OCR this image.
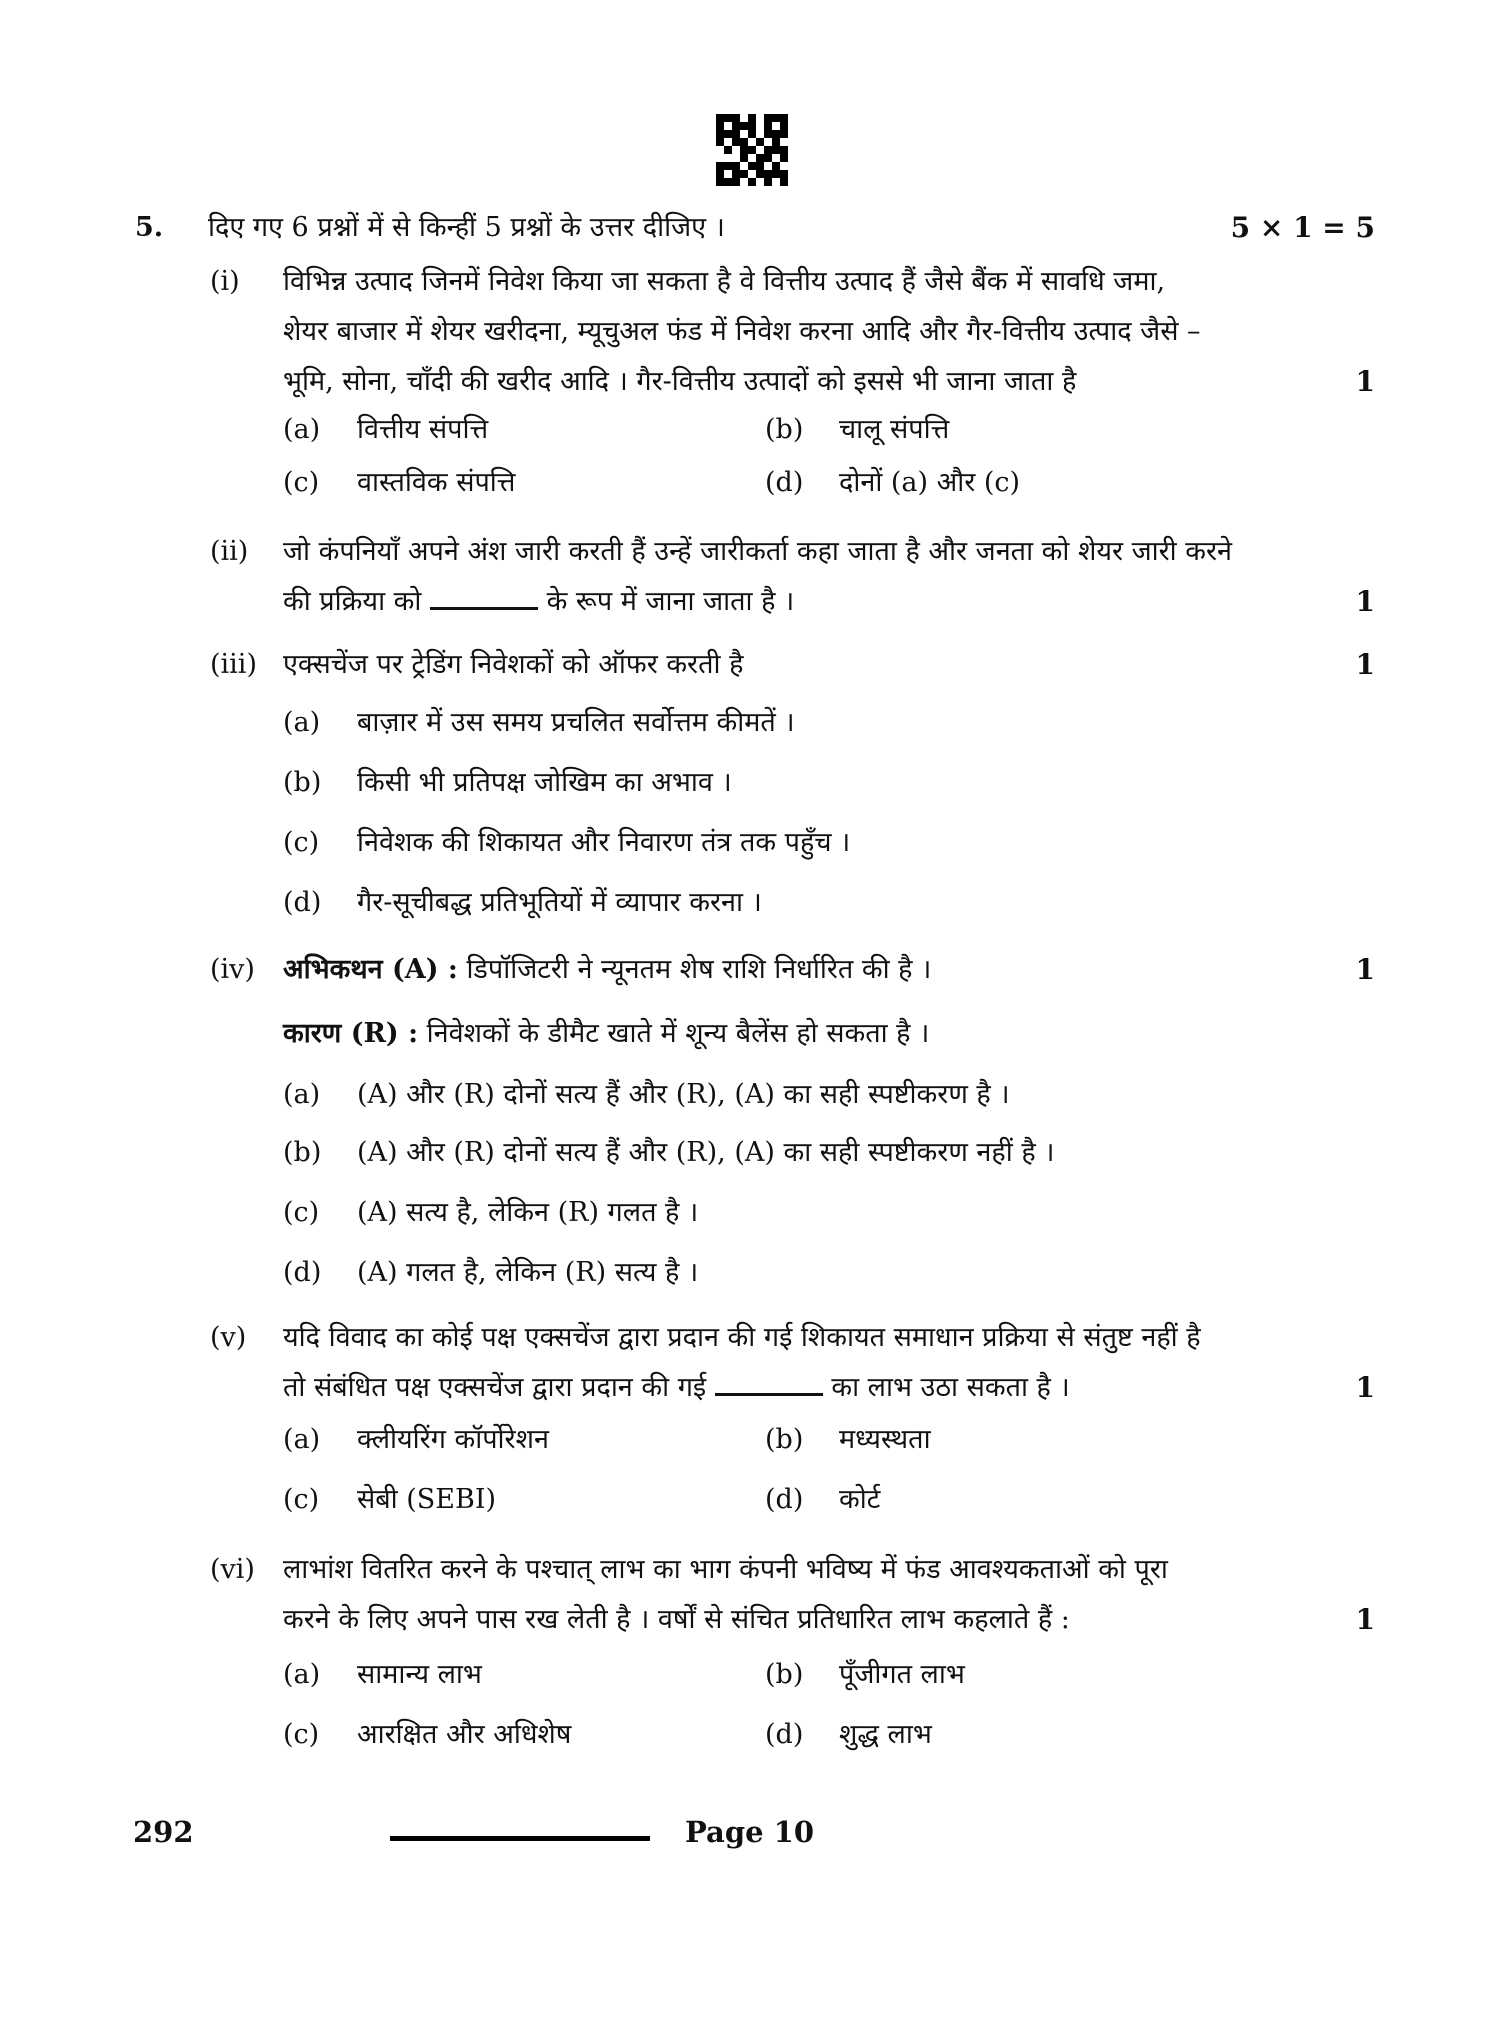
5. दिए गए 6 प्रश्नों में से किन्हीं 5 प्रश्नों के उत्तर दीजिए ।	5 × 1 = 5
(i) विभिन्न उत्पाद जिनमें निवेश किया जा सकता है वे वित्तीय उत्पाद हैं जैसे बैंक में सावधि जमा,
शेयर बाजार में शेयर खरीदना, म्यूचुअल फंड में निवेश करना आदि और गैर-वित्तीय उत्पाद जैसे –
भूमि, सोना, चाँदी की खरीद आदि । गैर-वित्तीय उत्पादों को इससे भी जाना जाता है	1
(a) वित्तीय संपत्ति	(b) चालू संपत्ति
(c) वास्तविक संपत्ति	(d) दोनों (a) और (c)
(ii) जो कंपनियाँ अपने अंश जारी करती हैं उन्हें जारीकर्ता कहा जाता है और जनता को शेयर जारी करने
की प्रक्रिया को	के रूप में जाना जाता है ।	1
(iii) एक्सचेंज पर ट्रेडिंग निवेशकों को ऑफर करती है	1
(a) बाज़ार में उस समय प्रचलित सर्वोत्तम कीमतें ।
(b) किसी भी प्रतिपक्ष जोखिम का अभाव ।
(c) निवेशक की शिकायत और निवारण तंत्र तक पहुँच ।
(d) गैर-सूचीबद्ध प्रतिभूतियों में व्यापार करना ।
(iv) अभिकथन (A) : डिपॉजिटरी ने न्यूनतम शेष राशि निर्धारित की है ।
कारण (R) : निवेशकों के डीमैट खाते में शून्य बैलेंस हो सकता है ।
1
(a) (A) और (R) दोनों सत्य हैं और (R), (A) का सही स्पष्टीकरण है ।
(b) (A) और (R) दोनों सत्य हैं और (R), (A) का सही स्पष्टीकरण नहीं है ।
(c) (A) सत्य है, लेकिन (R) गलत है ।
(d) (A) गलत है, लेकिन (R) सत्य है ।
(v) यदि विवाद का कोई पक्ष एक्सचेंज द्वारा प्रदान की गई शिकायत समाधान प्रक्रिया से संतुष्ट नहीं है
तो संबंधित पक्ष एक्सचेंज द्वारा प्रदान की गई	का लाभ उठा सकता है ।	1
(a) क्लीयरिंग कॉर्पोरेशन	(b) मध्यस्थता
(c) सेबी (SEBI)	(d) कोर्ट
(vi) लाभांश वितरित करने के पश्चात् लाभ का भाग कंपनी भविष्य में फंड आवश्यकताओं को पूरा
करने के लिए अपने पास रख लेती है । वर्षों से संचित प्रतिधारित लाभ कहलाते हैं :	1
(a) सामान्य लाभ	(b) पूँजीगत लाभ
(c) आरक्षित और अधिशेष	(d) शुद्ध लाभ
292	Page 10
